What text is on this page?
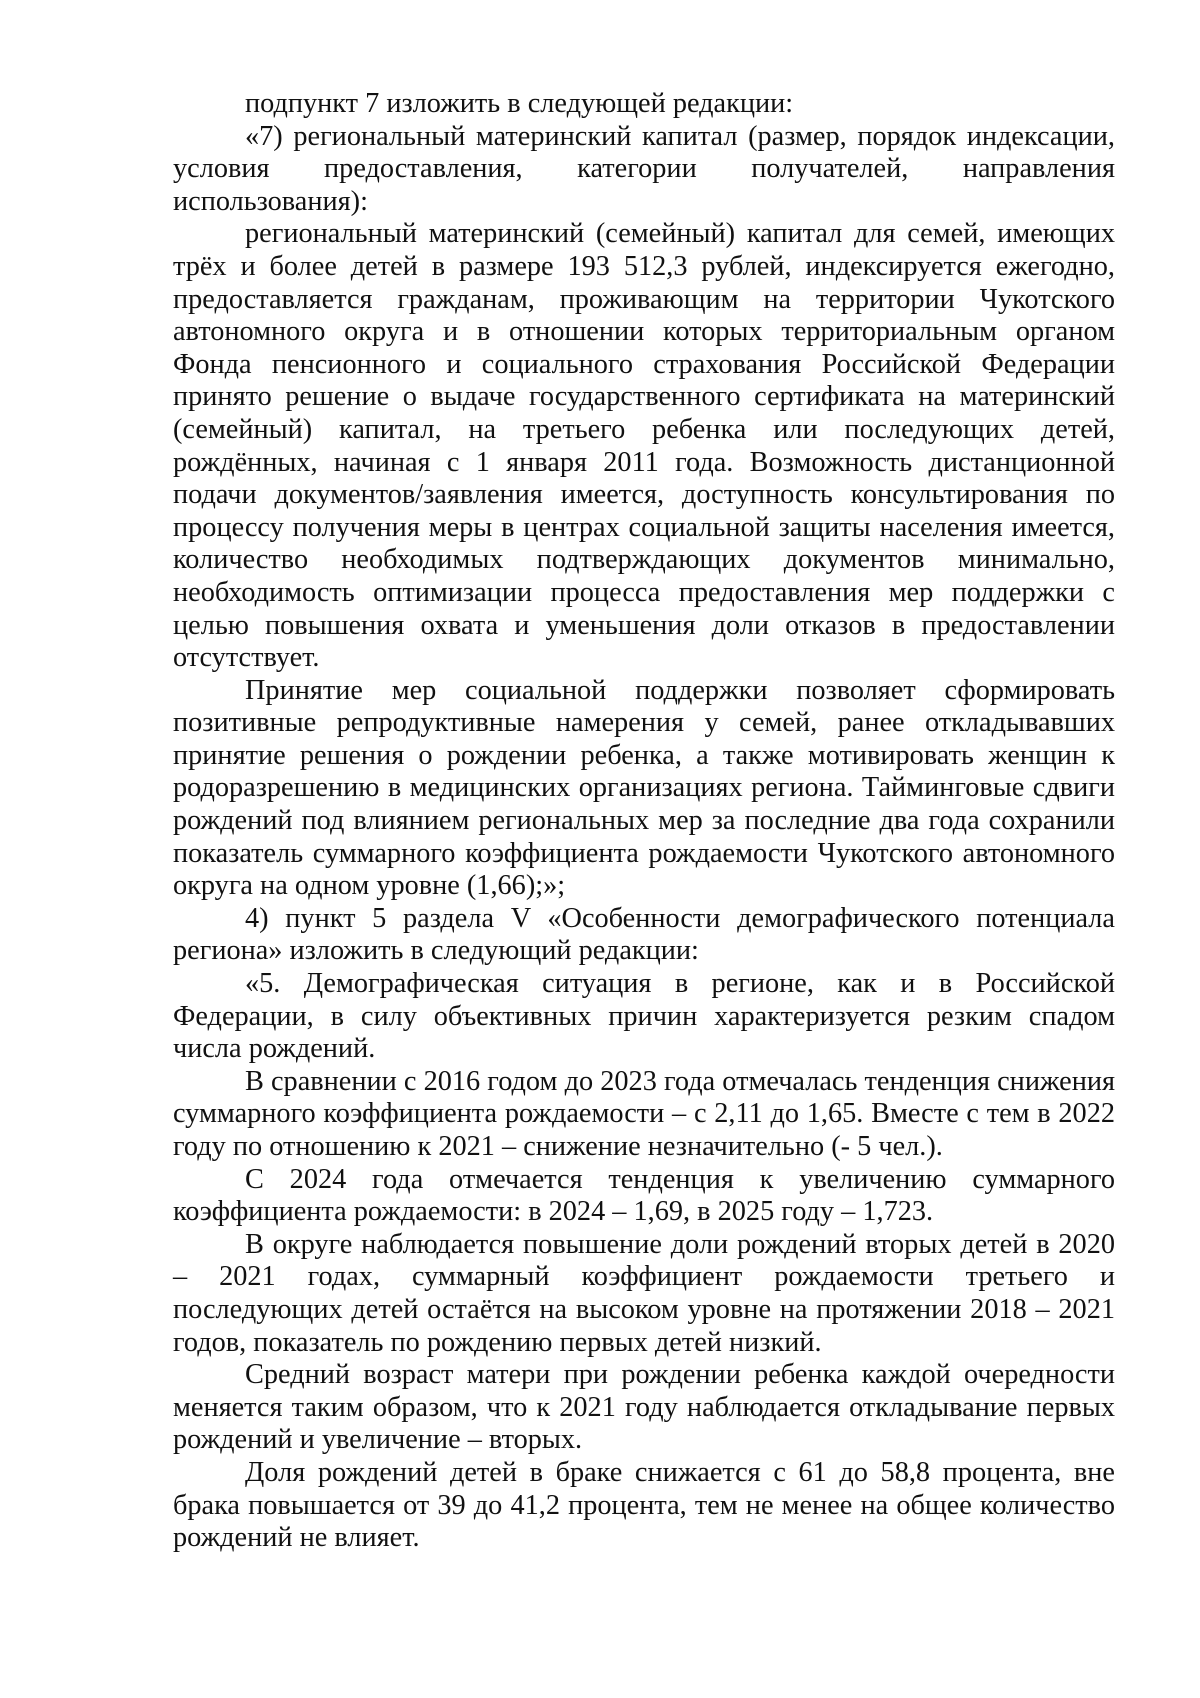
подпункт 7 изложить в следующей редакции:

«7) региональный материнский капитал (размер, порядок индексации, условия предоставления, категории получателей, направления использования):

региональный материнский (семейный) капитал для семей, имеющих трёх и более детей в размере 193 512,3 рублей, индексируется ежегодно, предоставляется гражданам, проживающим на территории Чукотского автономного округа и в отношении которых территориальным органом Фонда пенсионного и социального страхования Российской Федерации принято решение о выдаче государственного сертификата на материнский (семейный) капитал, на третьего ребенка или последующих детей, рождённых, начиная с 1 января 2011 года. Возможность дистанционной подачи документов/заявления имеется, доступность консультирования по процессу получения меры в центрах социальной защиты населения имеется, количество необходимых подтверждающих документов минимально, необходимость оптимизации процесса предоставления мер поддержки с целью повышения охвата и уменьшения доли отказов в предоставлении отсутствует.

Принятие мер социальной поддержки позволяет сформировать позитивные репродуктивные намерения у семей, ранее откладывавших принятие решения о рождении ребенка, а также мотивировать женщин к родоразрешению в медицинских организациях региона. Тайминговые сдвиги рождений под влиянием региональных мер за последние два года сохранили показатель суммарного коэффициента рождаемости Чукотского автономного округа на одном уровне (1,66);»;

4) пункт 5 раздела V «Особенности демографического потенциала региона» изложить в следующий редакции:

«5. Демографическая ситуация в регионе, как и в Российской Федерации, в силу объективных причин характеризуется резким спадом числа рождений.

В сравнении с 2016 годом до 2023 года отмечалась тенденция снижения суммарного коэффициента рождаемости – с 2,11 до 1,65. Вместе с тем в 2022 году по отношению к 2021 – снижение незначительно (- 5 чел.).

С 2024 года отмечается тенденция к увеличению суммарного коэффициента рождаемости: в 2024 – 1,69, в 2025 году – 1,723.

В округе наблюдается повышение доли рождений вторых детей в 2020 – 2021 годах, суммарный коэффициент рождаемости третьего и последующих детей остаётся на высоком уровне на протяжении 2018 – 2021 годов, показатель по рождению первых детей низкий.

Средний возраст матери при рождении ребенка каждой очередности меняется таким образом, что к 2021 году наблюдается откладывание первых рождений и увеличение – вторых.

Доля рождений детей в браке снижается с 61 до 58,8 процента, вне брака повышается от 39 до 41,2 процента, тем не менее на общее количество рождений не влияет.
